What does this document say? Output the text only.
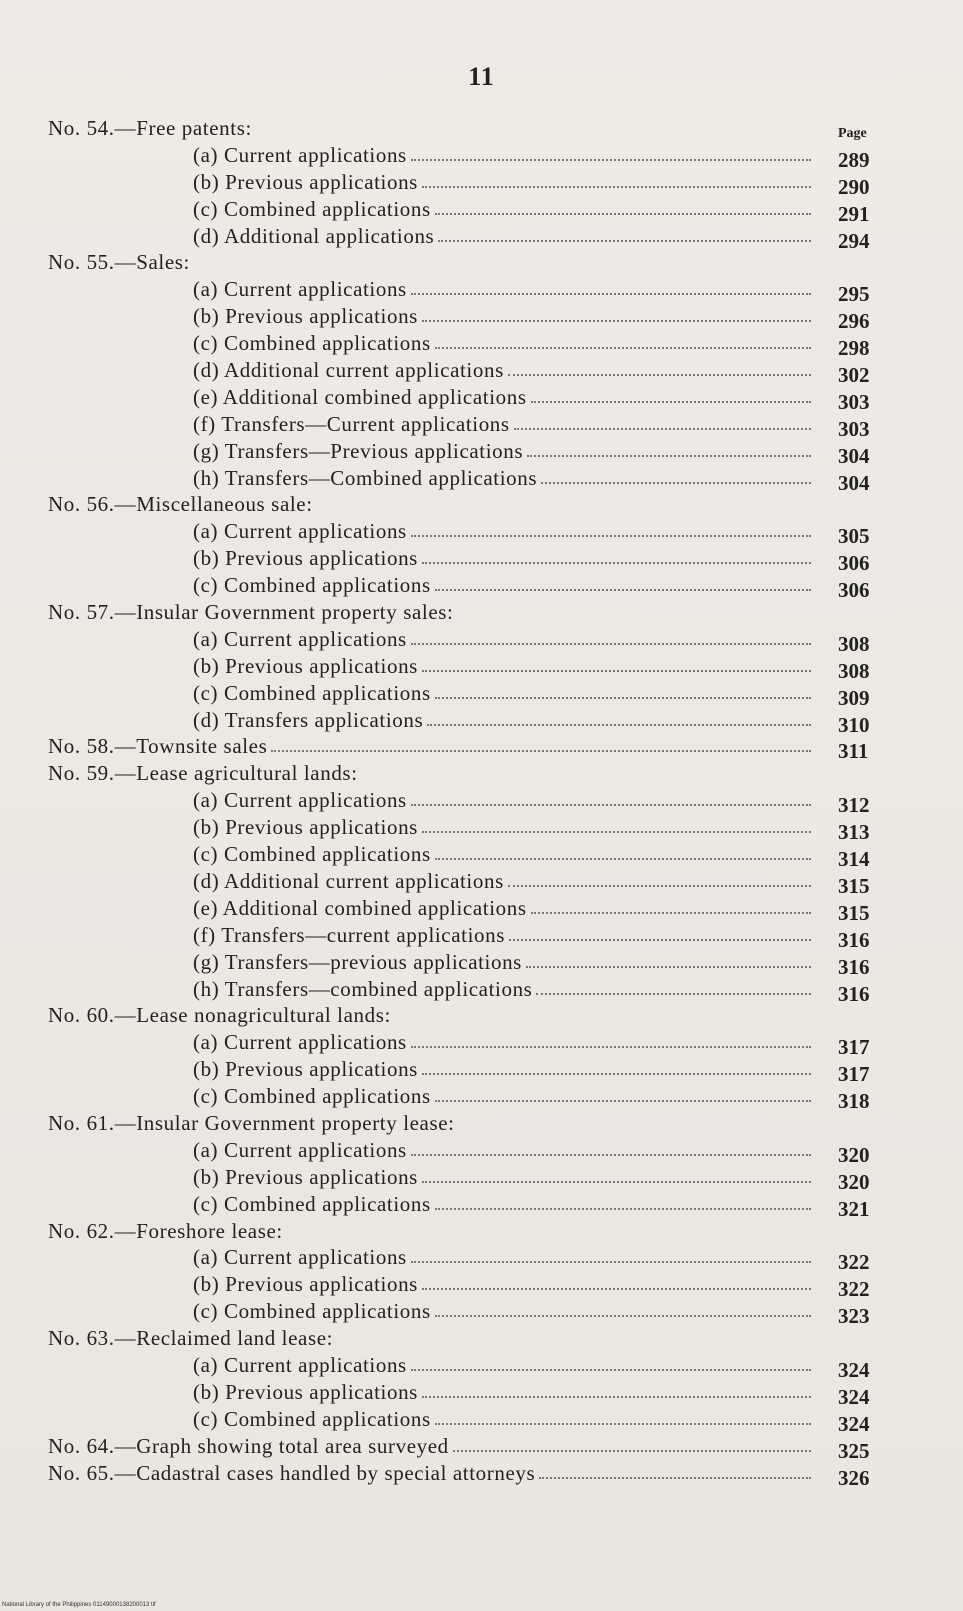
11
Page
No. 54.—Free patents:
(a) Current applications	289
(b) Previous applications	290
(c) Combined applications	291
(d) Additional applications	294
No. 55.—Sales:
(a) Current applications	295
(b) Previous applications	296
(c) Combined applications	298
(d) Additional current applications	302
(e) Additional combined applications	303
(f) Transfers—Current applications	303
(g) Transfers—Previous applications	304
(h) Transfers—Combined applications	304
No. 56.—Miscellaneous sale:
(a) Current applications	305
(b) Previous applications	306
(c) Combined applications	306
No. 57.—Insular Government property sales:
(a) Current applications	308
(b) Previous applications	308
(c) Combined applications	309
(d) Transfers applications	310
No. 58.—Townsite sales	311
No. 59.—Lease agricultural lands:
(a) Current applications	312
(b) Previous applications	313
(c) Combined applications	314
(d) Additional current applications	315
(e) Additional combined applications	315
(f) Transfers—current applications	316
(g) Transfers—previous applications	316
(h) Transfers—combined applications	316
No. 60.—Lease nonagricultural lands:
(a) Current applications	317
(b) Previous applications	317
(c) Combined applications	318
No. 61.—Insular Government property lease:
(a) Current applications	320
(b) Previous applications	320
(c) Combined applications	321
No. 62.—Foreshore lease:
(a) Current applications	322
(b) Previous applications	322
(c) Combined applications	323
No. 63.—Reclaimed land lease:
(a) Current applications	324
(b) Previous applications	324
(c) Combined applications	324
No. 64.—Graph showing total area surveyed	325
No. 65.—Cadastral cases handled by special attorneys	326
National Library of the Philippines 01149000138200013 tif
